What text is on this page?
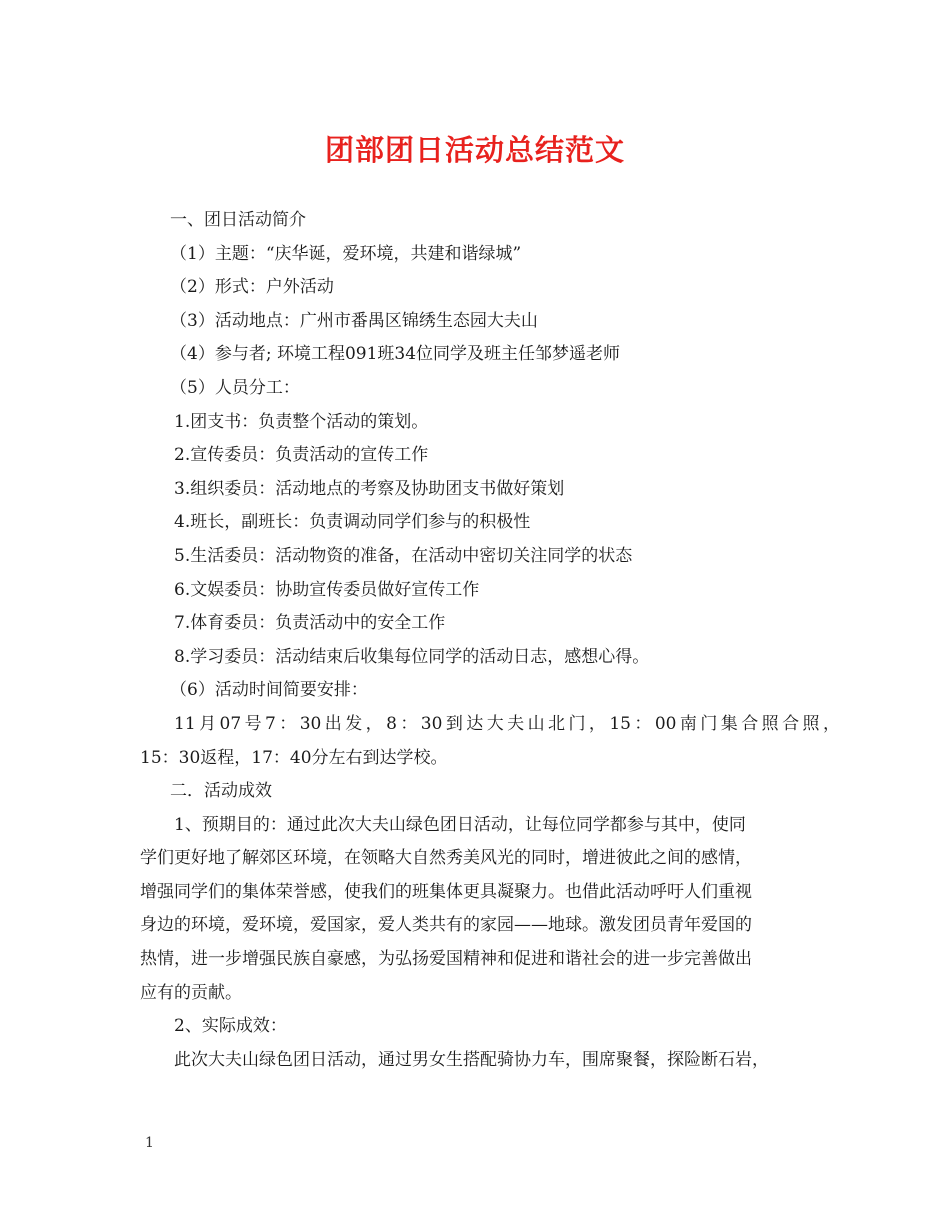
团部团日活动总结范文

一、团日活动简介

（1）主题：“庆华诞，爱环境，共建和谐绿城”

（2）形式：户外活动

（3）活动地点：广州市番禺区锦绣生态园大夫山

（4）参与者; 环境工程091班34位同学及班主任邹梦遥老师

（5）人员分工：

1.团支书：负责整个活动的策划。

2.宣传委员：负责活动的宣传工作

3.组织委员：活动地点的考察及协助团支书做好策划

4.班长，副班长：负责调动同学们参与的积极性

5.生活委员：活动物资的准备，在活动中密切关注同学的状态

6.文娱委员：协助宣传委员做好宣传工作

7.体育委员：负责活动中的安全工作

8.学习委员：活动结束后收集每位同学的活动日志，感想心得。

（6）活动时间简要安排：

11月07号7：30出发，8：30到达大夫山北门，15：00南门集合照合照，

15：30返程，17：40分左右到达学校。

二．活动成效

1、预期目的：通过此次大夫山绿色团日活动，让每位同学都参与其中，使同

学们更好地了解郊区环境，在领略大自然秀美风光的同时，增进彼此之间的感情，

增强同学们的集体荣誉感，使我们的班集体更具凝聚力。也借此活动呼吁人们重视

身边的环境，爱环境，爱国家，爱人类共有的家园——地球。激发团员青年爱国的

热情，进一步增强民族自豪感，为弘扬爱国精神和促进和谐社会的进一步完善做出

应有的贡献。

2、实际成效：

此次大夫山绿色团日活动，通过男女生搭配骑协力车，围席聚餐，探险断石岩，

1
